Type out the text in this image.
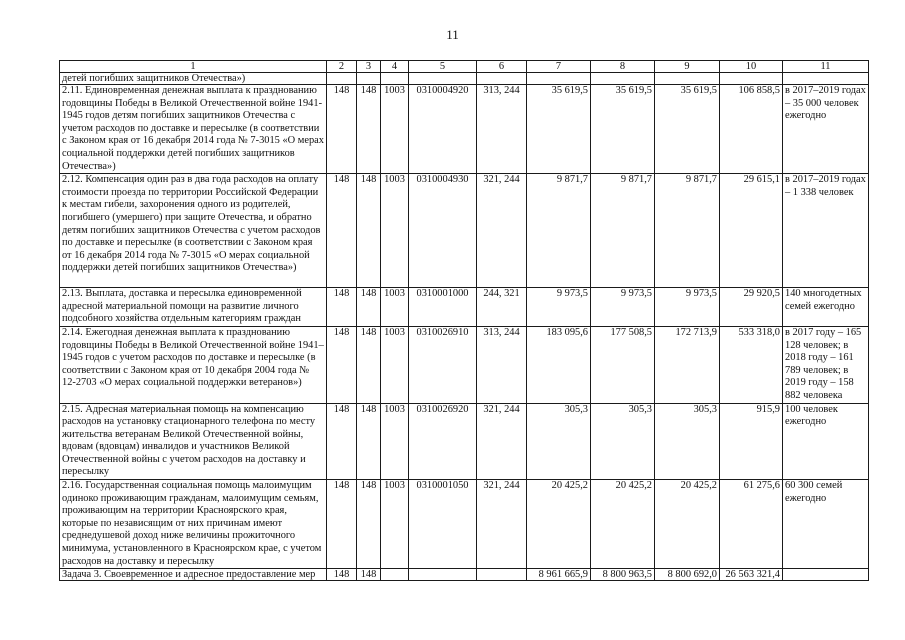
11
1	2	3	4	5	6	7	8	9	10	11
детей погибших защитников Отечества»)										
2.11. Единовременная денежная выплата к празднованию годовщины Победы в Великой Отечественной войне 1941-1945 годов детям погибших защитников Отечества с учетом расходов по доставке и пересылке (в соответствии с Законом края от 16 декабря 2014 года № 7-3015 «О мерах социальной поддержки детей погибших защитников Отечества»)	148	148	1003	0310004920	313, 244	35 619,5	35 619,5	35 619,5	106 858,5	в 2017–2019 годах – 35 000 человек ежегодно
2.12. Компенсация один раз в два года расходов на оплату стоимости проезда по территории Российской Федерации к местам гибели, захоронения одного из родителей, погибшего (умершего) при защите Отечества, и обратно детям погибших защитников Отечества с учетом расходов по доставке и пересылке (в соответствии с Законом края от 16 декабря 2014 года № 7-3015 «О мерах социальной поддержки детей погибших защитников Отечества»)	148	148	1003	0310004930	321, 244	9 871,7	9 871,7	9 871,7	29 615,1	в 2017–2019 годах – 1 338 человек
2.13. Выплата, доставка и пересылка единовременной адресной материальной помощи на развитие личного подсобного хозяйства отдельным категориям граждан	148	148	1003	0310001000	244, 321	9 973,5	9 973,5	9 973,5	29 920,5	140 многодетных семей ежегодно
2.14. Ежегодная денежная выплата к празднованию годовщины Победы в Великой Отечественной войне 1941–1945 годов с учетом расходов по доставке и пересылке (в соответствии с Законом края от 10 декабря 2004 года № 12-2703 «О мерах социальной поддержки ветеранов»)	148	148	1003	0310026910	313, 244	183 095,6	177 508,5	172 713,9	533 318,0	в 2017 году – 165 128 человек; в 2018 году – 161 789 человек; в 2019 году – 158 882 человека
2.15. Адресная материальная помощь на компенсацию расходов на установку стационарного телефона по месту жительства ветеранам Великой Отечественной войны, вдовам (вдовцам) инвалидов и участников Великой Отечественной войны с учетом расходов на доставку и пересылку	148	148	1003	0310026920	321, 244	305,3	305,3	305,3	915,9	100 человек ежегодно
2.16. Государственная социальная помощь малоимущим одиноко проживающим гражданам, малоимущим семьям, проживающим на территории Красноярского края, которые по независящим от них причинам имеют среднедушевой доход ниже величины прожиточного минимума, установленного в Красноярском крае, с учетом расходов на доставку и пересылку	148	148	1003	0310001050	321, 244	20 425,2	20 425,2	20 425,2	61 275,6	60 300 семей ежегодно
Задача 3. Своевременное и адресное предоставление мер	148	148				8 961 665,9	8 800 963,5	8 800 692,0	26 563 321,4	
